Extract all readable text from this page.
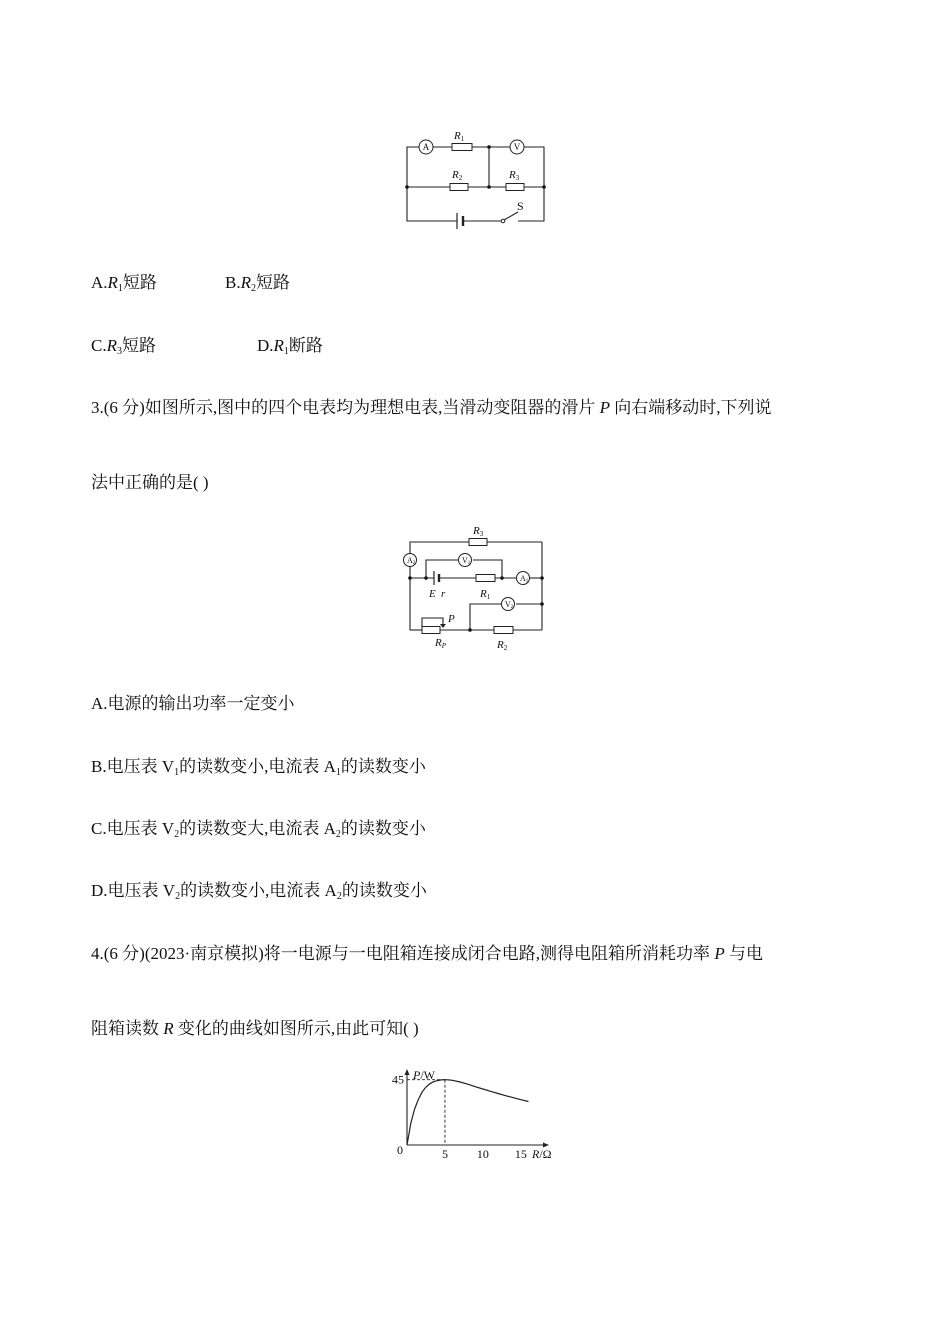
S
R1
R2	R3
A	V
$A.R_1$短路	$B.R_2$短路
$C.R_3$短路	$D.R_1$断路
3.(6 分)如图所示,图中的四个电表均为理想电表,当滑动变阻器的滑片 P 向右端移动时,下列说
法中正确的是( )
A2	V1
A1
V2
R3
E r	R1
P
RP	R2
A.电源的输出功率一定变小
B.电压表 $V_1$的读数变小,电流表 $A_1$的读数变小
C.电压表 $V_2$的读数变大,电流表 $A_2$的读数变小
D.电压表 $V_2$的读数变小,电流表 $A_2$的读数变小
4.(6 分)(2023·南京模拟)将一电源与一电阻箱连接成闭合电路,测得电阻箱所消耗功率 P 与电
阻箱读数 R 变化的曲线如图所示,由此可知( )
P/W
R/Ω
0	5 10 15
45
